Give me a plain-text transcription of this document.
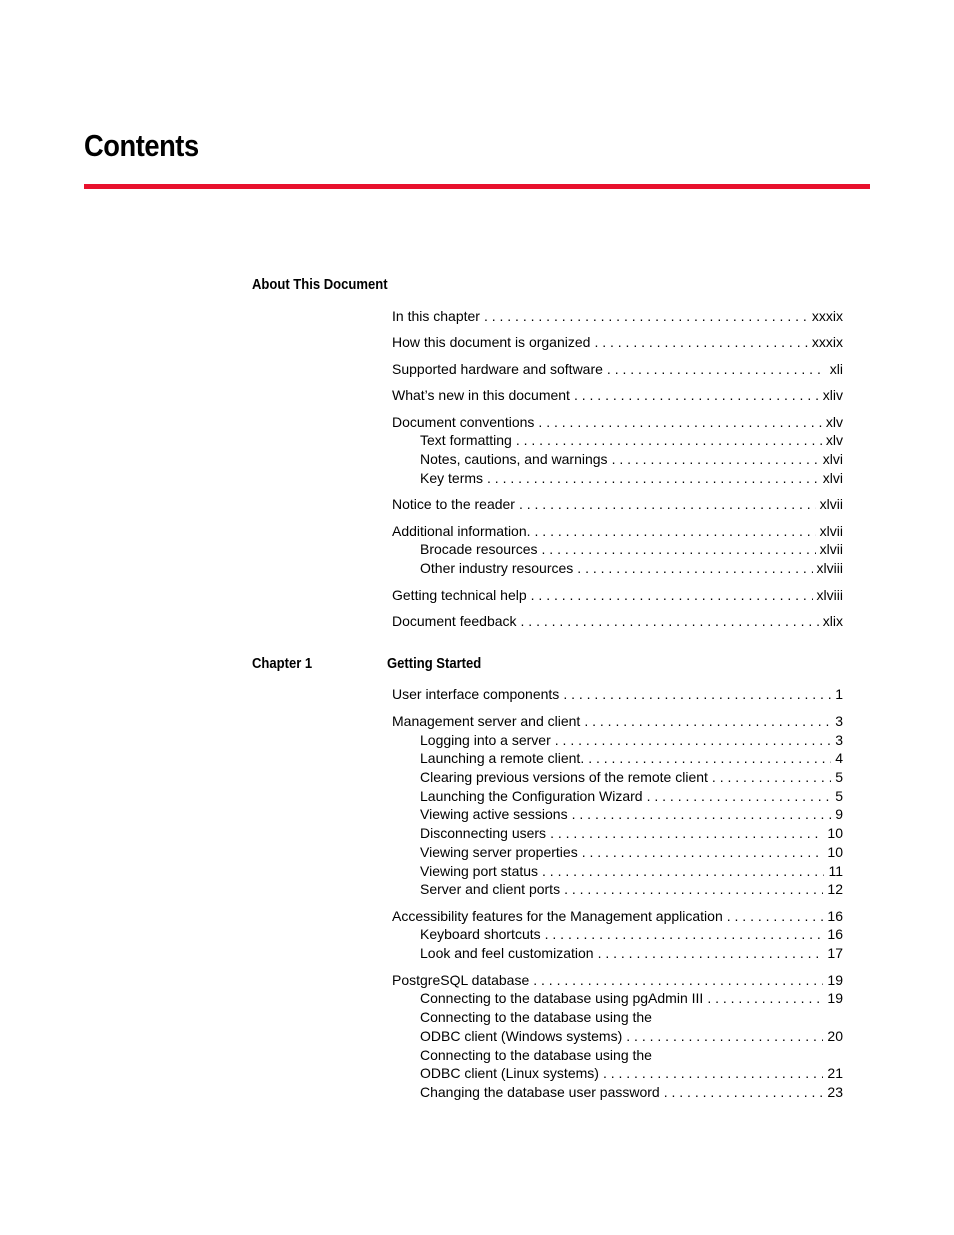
Contents
About This Document
Chapter 1	Getting Started
In this chapter . . .	xxxix
How this document is organized . . .	xxxix
Supported hardware and software . . .	xli
What’s new in this document . . .	xliv
Document conventions . . .	xlv
Text formatting . . .	xlv
Notes, cautions, and warnings . . .	xlvi
Key terms . . .	xlvi
Notice to the reader . . .	xlvii
Additional information. . . .	xlvii
Brocade resources . . .	xlvii
Other industry resources . . .	xlviii
Getting technical help . . .	xlviii
Document feedback . . .	xlix
User interface components . . .	1
Management server and client . . .	3
Logging into a server . . .	3
Launching a remote client. . . .	4
Clearing previous versions of the remote client . . .	5
Launching the Configuration Wizard . . .	5
Viewing active sessions . . .	9
Disconnecting users . . .	10
Viewing server properties . . .	10
Viewing port status . . .	11
Server and client ports . . .	12
Accessibility features for the Management application . . .	16
Keyboard shortcuts . . .	16
Look and feel customization . . .	17
PostgreSQL database . . .	19
Connecting to the database using pgAdmin III . . .	19
Connecting to the database using the
ODBC client (Windows systems) . . .	20
Connecting to the database using the
ODBC client (Linux systems) . . .	21
Changing the database user password . . .	23
